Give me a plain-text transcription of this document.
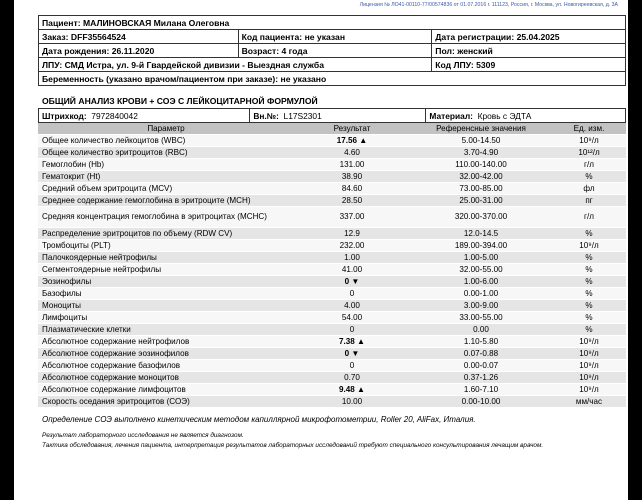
Лицензия № ЛО41-00110-77/00574836 от 01.07.2016 г. 111123, Россия, г. Москва, ул. Новогиреевская, д. 3А
Пациент: МАЛИНОВСКАЯ Милана Олеговна		
Заказ: DFF35564524	Код пациента: не указан	Дата регистрации: 25.04.2025
Дата рождения: 26.11.2020	Возраст: 4 года	Пол: женский
ЛПУ: СМД Истра, ул. 9-й Гвардейской дивизии - Выездная служба		Код ЛПУ: 5309
Беременность (указано врачом/пациентом при заказе): не указано		
ОБЩИЙ АНАЛИЗ КРОВИ + СОЭ С ЛЕЙКОЦИТАРНОЙ ФОРМУЛОЙ
Штрихкод: 7972840042	Вн.№: L17S2301	Материал: Кровь с ЭДТА
Параметр	Результат	Референсные значения	Ед. изм.
Общее количество лейкоцитов (WBC)	17.56 ▲	5.00-14.50	10⁹/л
Общее количество эритроцитов (RBC)	4.60	3.70-4.90	10¹²/л
Гемоглобин (Hb)	131.00	110.00-140.00	г/л
Гематокрит (Ht)	38.90	32.00-42.00	%
Средний объем эритроцита (MCV)	84.60	73.00-85.00	фл
Среднее содержание гемоглобина в эритроците (MCH)	28.50	25.00-31.00	пг
Средняя концентрация гемоглобина в эритроцитах (MCHC)	337.00	320.00-370.00	г/л
Распределение эритроцитов по объему (RDW CV)	12.9	12.0-14.5	%
Тромбоциты (PLT)	232.00	189.00-394.00	10⁹/л
Палочкоядерные нейтрофилы	1.00	1.00-5.00	%
Сегментоядерные нейтрофилы	41.00	32.00-55.00	%
Эозинофилы	0 ▼	1.00-6.00	%
Базофилы	0	0.00-1.00	%
Моноциты	4.00	3.00-9.00	%
Лимфоциты	54.00	33.00-55.00	%
Плазматические клетки	0	0.00	%
Абсолютное содержание нейтрофилов	7.38 ▲	1.10-5.80	10⁹/л
Абсолютное содержание эозинофилов	0 ▼	0.07-0.88	10⁹/л
Абсолютное содержание базофилов	0	0.00-0.07	10⁹/л
Абсолютное содержание моноцитов	0.70	0.37-1.26	10⁹/л
Абсолютное содержание лимфоцитов	9.48 ▲	1.60-7.10	10⁹/л
Скорость оседания эритроцитов (СОЭ)	10.00	0.00-10.00	мм/час
Определение СОЭ выполнено кинетическим методом капиллярной микрофотометрии, Roller 20, AliFax, Италия.
Результат лабораторного исследования не является диагнозом.
Тактика обследования, лечения пациента, интерпретация результатов лабораторных исследований требуют специального консультирования лечащим врачом.
